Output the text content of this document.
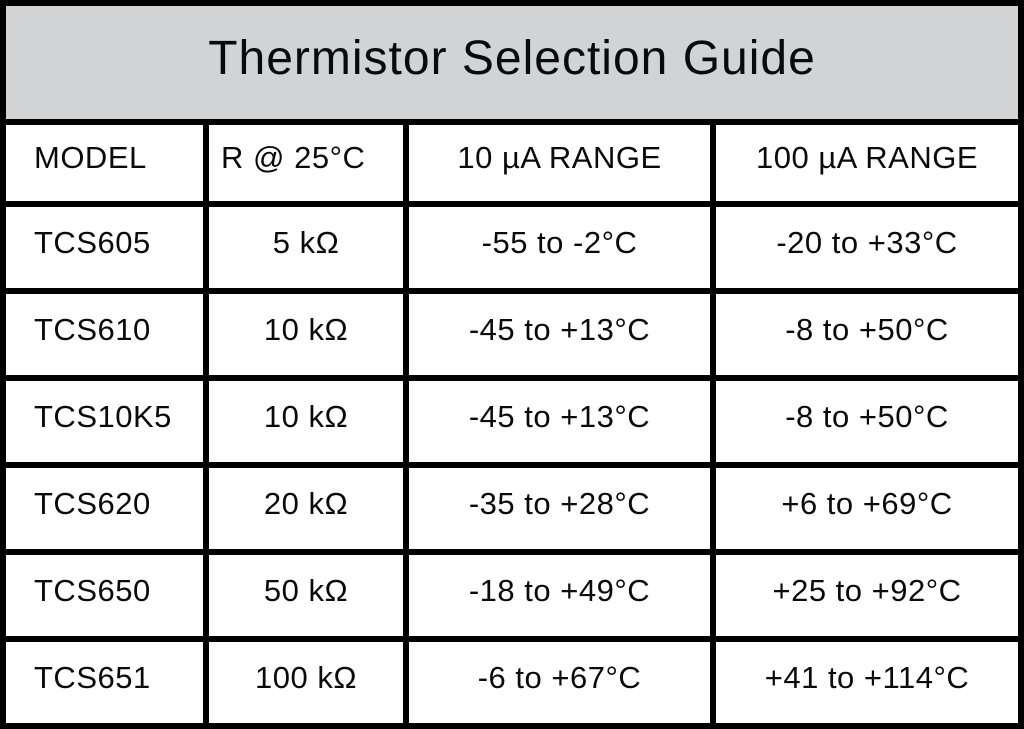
Thermistor Selection Guide
MODEL	R @ 25°C	10 µA RANGE	100 µA RANGE
TCS605	5 kΩ	-55 to -2°C	-20 to +33°C
TCS610	10 kΩ	-45 to +13°C	-8 to +50°C
TCS10K5	10 kΩ	-45 to +13°C	-8 to +50°C
TCS620	20 kΩ	-35 to +28°C	+6 to +69°C
TCS650	50 kΩ	-18 to +49°C	+25 to +92°C
TCS651	100 kΩ	-6 to +67°C	+41 to +114°C
